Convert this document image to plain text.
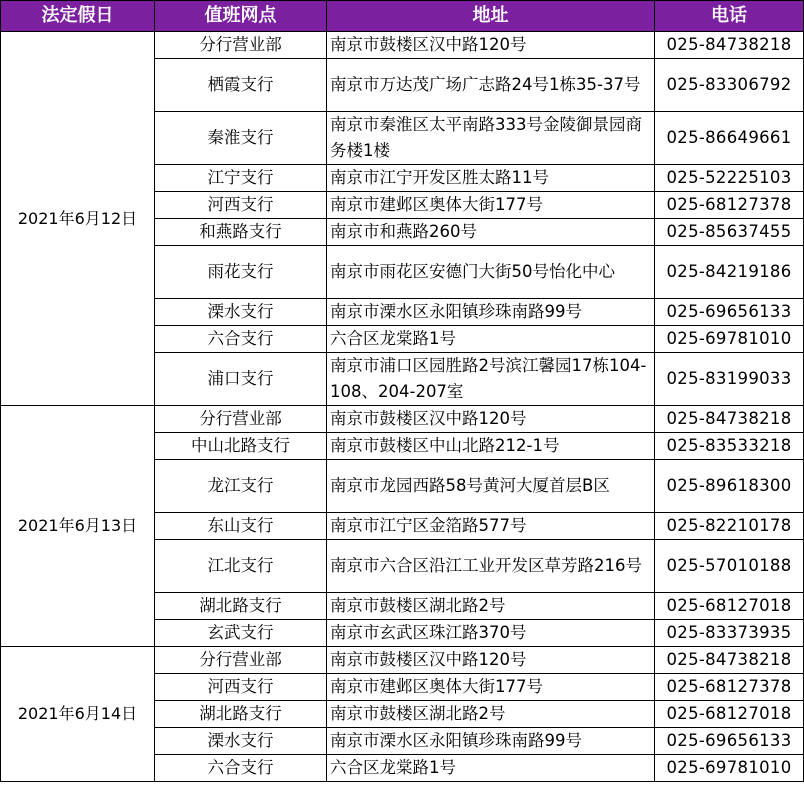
法定假日	值班网点	地址	电话
2021年6月12日	分行营业部	南京市鼓楼区汉中路120号	025-84738218
	栖霞支行	南京市万达茂广场广志路24号1栋35-37号	025-83306792
	秦淮支行	南京市秦淮区太平南路333号金陵御景园商务楼1楼	025-86649661
	江宁支行	南京市江宁开发区胜太路11号	025-52225103
	河西支行	南京市建邺区奥体大街177号	025-68127378
	和燕路支行	南京市和燕路260号	025-85637455
	雨花支行	南京市雨花区安德门大街50号怡化中心	025-84219186
	溧水支行	南京市溧水区永阳镇珍珠南路99号	025-69656133
	六合支行	六合区龙棠路1号	025-69781010
	浦口支行	南京市浦口区园胜路2号滨江馨园17栋104-108、204-207室	025-83199033
2021年6月13日	分行营业部	南京市鼓楼区汉中路120号	025-84738218
	中山北路支行	南京市鼓楼区中山北路212-1号	025-83533218
	龙江支行	南京市龙园西路58号黄河大厦首层B区	025-89618300
	东山支行	南京市江宁区金箔路577号	025-82210178
	江北支行	南京市六合区沿江工业开发区草芳路216号	025-57010188
	湖北路支行	南京市鼓楼区湖北路2号	025-68127018
	玄武支行	南京市玄武区珠江路370号	025-83373935
2021年6月14日	分行营业部	南京市鼓楼区汉中路120号	025-84738218
	河西支行	南京市建邺区奥体大街177号	025-68127378
	湖北路支行	南京市鼓楼区湖北路2号	025-68127018
	溧水支行	南京市溧水区永阳镇珍珠南路99号	025-69656133
	六合支行	六合区龙棠路1号	025-69781010
